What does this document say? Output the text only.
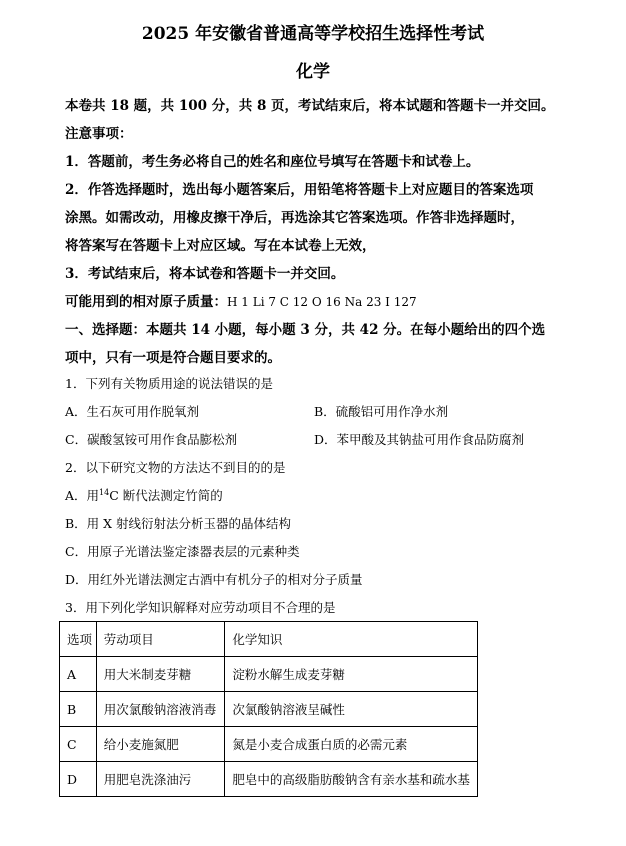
2025 年安徽省普通高等学校招生选择性考试
化学
本卷共 18 题，共 100 分，共 8 页，考试结束后，将本试题和答题卡一并交回。
注意事项：
1．答题前，考生务必将自己的姓名和座位号填写在答题卡和试卷上。
2．作答选择题时，选出每小题答案后，用铅笔将答题卡上对应题目的答案选项
涂黑。如需改动，用橡皮擦干净后，再选涂其它答案选项。作答非选择题时，
将答案写在答题卡上对应区域。写在本试卷上无效，
3．考试结束后，将本试卷和答题卡一并交回。
可能用到的相对原子质量：H 1 Li 7 C 12 O 16 Na 23 I 127
一、选择题：本题共 14 小题，每小题 3 分，共 42 分。在每小题给出的四个选
项中，只有一项是符合题目要求的。
1．下列有关物质用途的说法错误的是
A．生石灰可用作脱氧剂	B．硫酸铝可用作净水剂
C．碳酸氢铵可用作食品膨松剂	D．苯甲酸及其钠盐可用作食品防腐剂
2．以下研究文物的方法达不到目的的是
A．用$^{14}$C 断代法测定竹简的
B．用 X 射线衍射法分析玉器的晶体结构
C．用原子光谱法鉴定漆器表层的元素种类
D．用红外光谱法测定古酒中有机分子的相对分子质量
3．用下列化学知识解释对应劳动项目不合理的是
选项	劳动项目	化学知识
A	用大米制麦芽糖	淀粉水解生成麦芽糖
B	用次氯酸钠溶液消毒	次氯酸钠溶液呈碱性
C	给小麦施氮肥	氮是小麦合成蛋白质的必需元素
D	用肥皂洗涤油污	肥皂中的高级脂肪酸钠含有亲水基和疏水基
